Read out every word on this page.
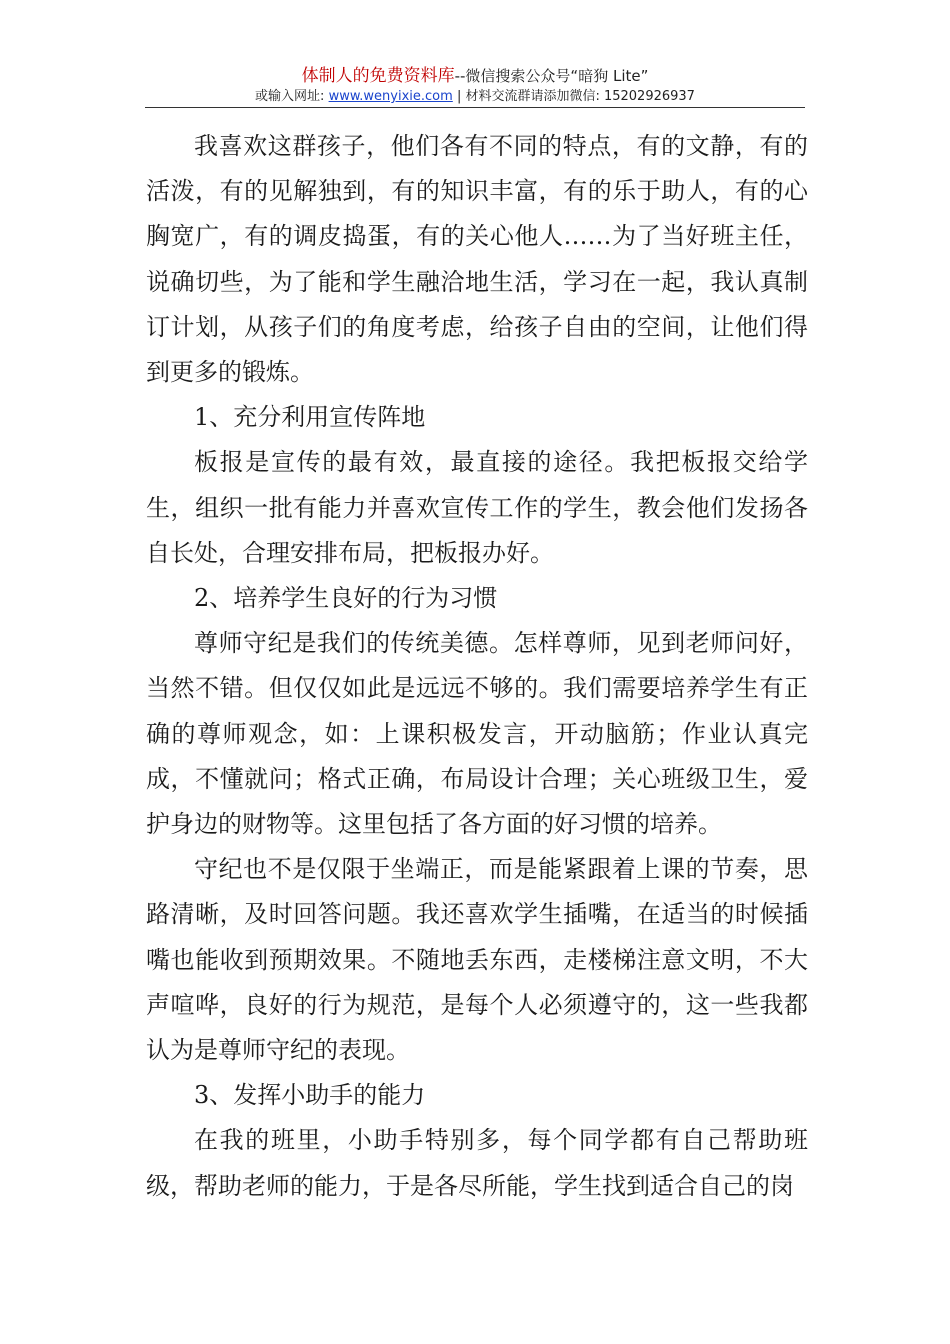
体制人的免费资料库--微信搜索公众号“暗狗 Lite”
或输入网址: www.wenyixie.com | 材料交流群请添加微信: 15202926937

我喜欢这群孩子，他们各有不同的特点，有的文静，有的活泼，有的见解独到，有的知识丰富，有的乐于助人，有的心胸宽广，有的调皮捣蛋，有的关心他人……为了当好班主任，说确切些，为了能和学生融洽地生活，学习在一起，我认真制订计划，从孩子们的角度考虑，给孩子自由的空间，让他们得到更多的锻炼。

1、充分利用宣传阵地

板报是宣传的最有效，最直接的途径。我把板报交给学生，组织一批有能力并喜欢宣传工作的学生，教会他们发扬各自长处，合理安排布局，把板报办好。

2、培养学生良好的行为习惯

尊师守纪是我们的传统美德。怎样尊师，见到老师问好，当然不错。但仅仅如此是远远不够的。我们需要培养学生有正确的尊师观念，如：上课积极发言，开动脑筋；作业认真完成，不懂就问；格式正确，布局设计合理；关心班级卫生，爱护身边的财物等。这里包括了各方面的好习惯的培养。

守纪也不是仅限于坐端正，而是能紧跟着上课的节奏，思路清晰，及时回答问题。我还喜欢学生插嘴，在适当的时候插嘴也能收到预期效果。不随地丢东西，走楼梯注意文明，不大声喧哗，良好的行为规范，是每个人必须遵守的，这一些我都认为是尊师守纪的表现。

3、发挥小助手的能力

在我的班里，小助手特别多，每个同学都有自己帮助班级，帮助老师的能力，于是各尽所能，学生找到适合自己的岗
